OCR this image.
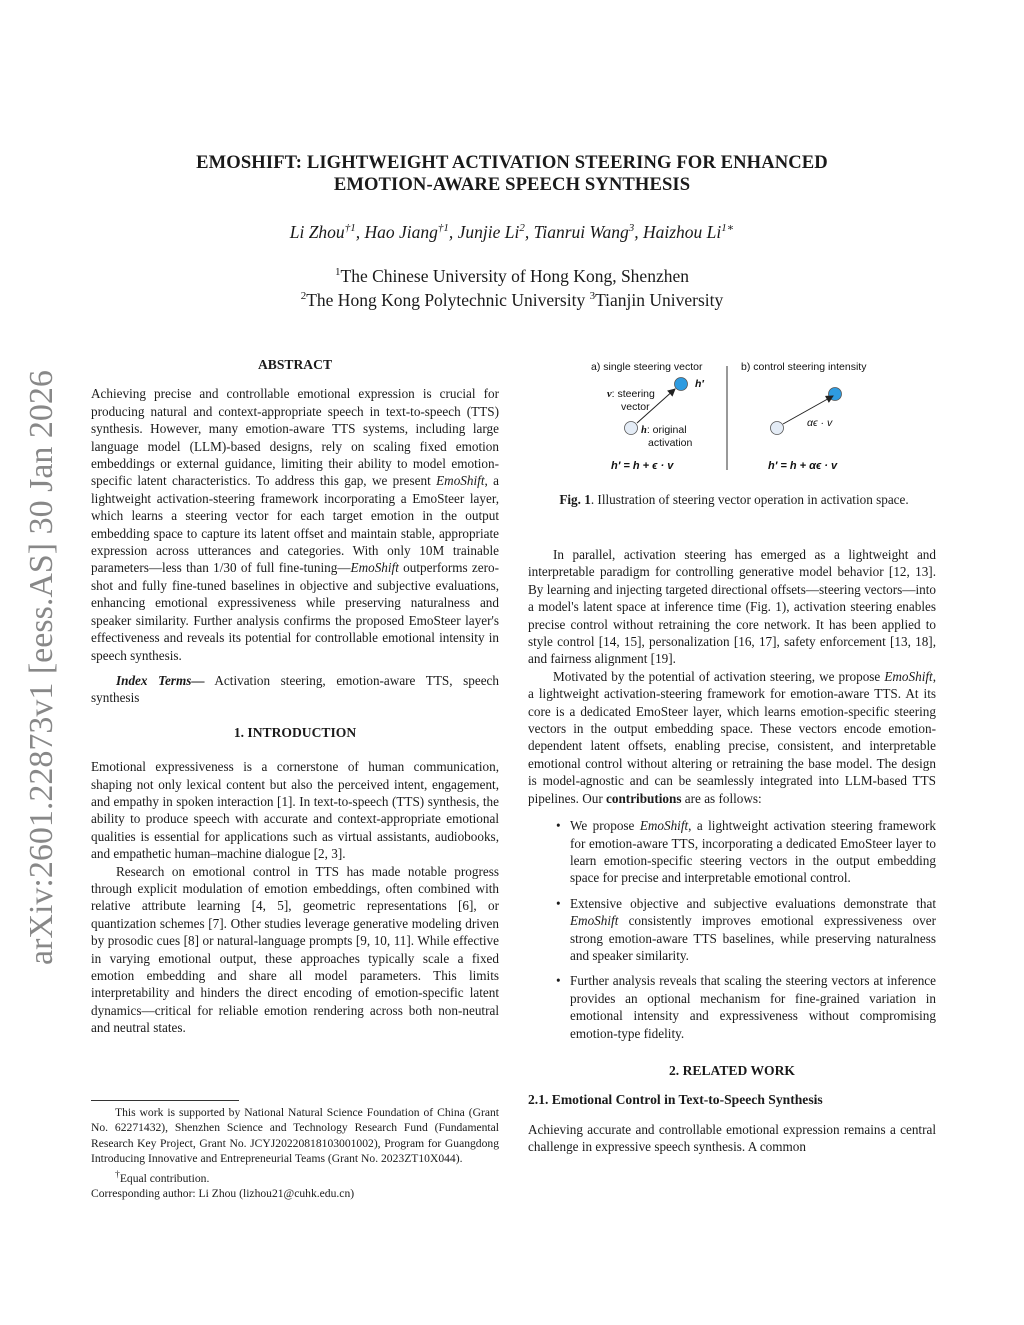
arXiv:2601.22873v1 [eess.AS] 30 Jan 2026
EMOSHIFT: LIGHTWEIGHT ACTIVATION STEERING FOR ENHANCED
EMOTION-AWARE SPEECH SYNTHESIS
Li Zhou$^{\dagger 1}$, Hao Jiang$^{\dagger 1}$, Junjie Li$^2$, Tianrui Wang$^3$, Haizhou $Li^{1∗}$
$^1$The Chinese University of Hong Kong, Shenzhen
$^2$The Hong Kong Polytechnic University $^3$Tianjin University

ABSTRACT

Achieving precise and controllable emotional expression is crucial for producing natural and context-appropriate speech in text-to-speech (TTS) synthesis. However, many emotion-aware TTS systems, including large language model (LLM)-based designs, rely on scaling fixed emotion embeddings or external guidance, limiting their ability to model emotion-specific latent characteristics. To address this gap, we present EmoShift, a lightweight activation-steering framework incorporating a EmoSteer layer, which learns a steering vector for each target emotion in the output embedding space to capture its latent offset and maintain stable, appropriate expression across utterances and categories. With only 10M trainable parameters—less than 1/30 of full fine-tuning—EmoShift outperforms zero-shot and fully fine-tuned baselines in objective and subjective evaluations, enhancing emotional expressiveness while preserving naturalness and speaker similarity. Further analysis confirms the proposed EmoSteer layer's effectiveness and reveals its potential for controllable emotional intensity in speech synthesis.

Index Terms— Activation steering, emotion-aware TTS, speech synthesis

1. INTRODUCTION

Emotional expressiveness is a cornerstone of human communication, shaping not only lexical content but also the perceived intent, engagement, and empathy in spoken interaction [1]. In text-to-speech (TTS) synthesis, the ability to produce speech with accurate and context-appropriate emotional qualities is essential for applications such as virtual assistants, audiobooks, and empathetic human–machine dialogue [2, 3].

Research on emotional control in TTS has made notable progress through explicit modulation of emotion embeddings, often combined with relative attribute learning [4, 5], geometric representations [6], or quantization schemes [7]. Other studies leverage generative modeling driven by prosodic cues [8] or natural-language prompts [9, 10, 11]. While effective in varying emotional output, these approaches typically scale a fixed emotion embedding and share all model parameters. This limits interpretability and hinders the direct encoding of emotion-specific latent dynamics—critical for reliable emotion rendering across both non-neutral and neutral states.

This work is supported by National Natural Science Foundation of China (Grant No. 62271432), Shenzhen Science and Technology Research Fund (Fundamental Research Key Project, Grant No. JCYJ20220818103001002), Program for Guangdong Introducing Innovative and Entrepreneurial Teams (Grant No. 2023ZT10X044).

†Equal contribution.

Corresponding author: Li Zhou (lizhou21@cuhk.edu.cn)

a) single steering vector
v: steering
vector
h′
h: original
activation
h′ = h + ϵ · v
b) control steering intensity
αϵ · v
h′ = h + αϵ · v
Fig. 1. Illustration of steering vector operation in activation space.

In parallel, activation steering has emerged as a lightweight and interpretable paradigm for controlling generative model behavior [12, 13]. By learning and injecting targeted directional offsets—steering vectors—into a model's latent space at inference time (Fig. 1), activation steering enables precise control without retraining the core network. It has been applied to style control [14, 15], personalization [16, 17], safety enforcement [13, 18], and fairness alignment [19].

Motivated by the potential of activation steering, we propose EmoShift, a lightweight activation-steering framework for emotion-aware TTS. At its core is a dedicated EmoSteer layer, which learns emotion-specific steering vectors in the output embedding space. These vectors encode emotion-dependent latent offsets, enabling precise, consistent, and interpretable emotional control without altering or retraining the base model. The design is model-agnostic and can be seamlessly integrated into LLM-based TTS pipelines. Our contributions are as follows:

• We propose EmoShift, a lightweight activation steering framework for emotion-aware TTS, incorporating a dedicated EmoSteer layer to learn emotion-specific steering vectors in the output embedding space for precise and interpretable emotional control.
• Extensive objective and subjective evaluations demonstrate that EmoShift consistently improves emotional expressiveness over strong emotion-aware TTS baselines, while preserving naturalness and speaker similarity.
• Further analysis reveals that scaling the steering vectors at inference provides an optional mechanism for fine-grained variation in emotional intensity and expressiveness without compromising emotion-type fidelity.

2. RELATED WORK

2.1. Emotional Control in Text-to-Speech Synthesis

Achieving accurate and controllable emotional expression remains a central challenge in expressive speech synthesis. A common
